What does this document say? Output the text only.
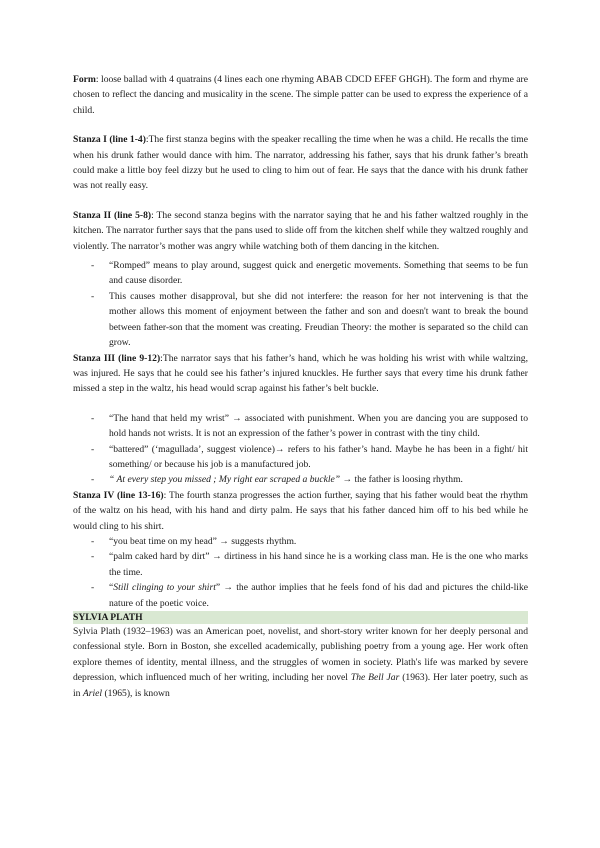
Form: loose ballad with 4 quatrains (4 lines each one rhyming ABAB CDCD EFEF GHGH). The form and rhyme are chosen to reflect the dancing and musicality in the scene. The simple patter can be used to express the experience of a child.

Stanza I (line 1-4):The first stanza begins with the speaker recalling the time when he was a child. He recalls the time when his drunk father would dance with him. The narrator, addressing his father, says that his drunk father’s breath could make a little boy feel dizzy but he used to cling to him out of fear. He says that the dance with his drunk father was not really easy.

Stanza II (line 5-8): The second stanza begins with the narrator saying that he and his father waltzed roughly in the kitchen. The narrator further says that the pans used to slide off from the kitchen shelf while they waltzed roughly and violently. The narrator’s mother was angry while watching both of them dancing in the kitchen.

- “Romped” means to play around, suggest quick and energetic movements. Something that seems to be fun and cause disorder.
- This causes mother disapproval, but she did not interfere: the reason for her not intervening is that the mother allows this moment of enjoyment between the father and son and doesn't want to break the bound between father-son that the moment was creating. Freudian Theory: the mother is separated so the child can grow.

Stanza III (line 9-12):The narrator says that his father’s hand, which he was holding his wrist with while waltzing, was injured. He says that he could see his father’s injured knuckles. He further says that every time his drunk father missed a step in the waltz, his head would scrap against his father’s belt buckle.

- “The hand that held my wrist” → associated with punishment. When you are dancing you are supposed to hold hands not wrists. It is not an expression of the father’s power in contrast with the tiny child.
- “battered” (‘magullada’, suggest violence)→ refers to his father’s hand. Maybe he has been in a fight/ hit something/ or because his job is a manufactured job.
- “ At every step you missed ; My right ear scraped a buckle” → the father is loosing rhythm.

Stanza IV (line 13-16): The fourth stanza progresses the action further, saying that his father would beat the rhythm of the waltz on his head, with his hand and dirty palm. He says that his father danced him off to his bed while he would cling to his shirt.

- “you beat time on my head” → suggests rhythm.
- “palm caked hard by dirt” → dirtiness in his hand since he is a working class man. He is the one who marks the time.
- “Still clinging to your shirt” → the author implies that he feels fond of his dad and pictures the child-like nature of the poetic voice.
SYLVIA PLATH

Sylvia Plath (1932–1963) was an American poet, novelist, and short-story writer known for her deeply personal and confessional style. Born in Boston, she excelled academically, publishing poetry from a young age. Her work often explore themes of identity, mental illness, and the struggles of women in society. Plath's life was marked by severe depression, which influenced much of her writing, including her novel The Bell Jar (1963). Her later poetry, such as in Ariel (1965), is known
